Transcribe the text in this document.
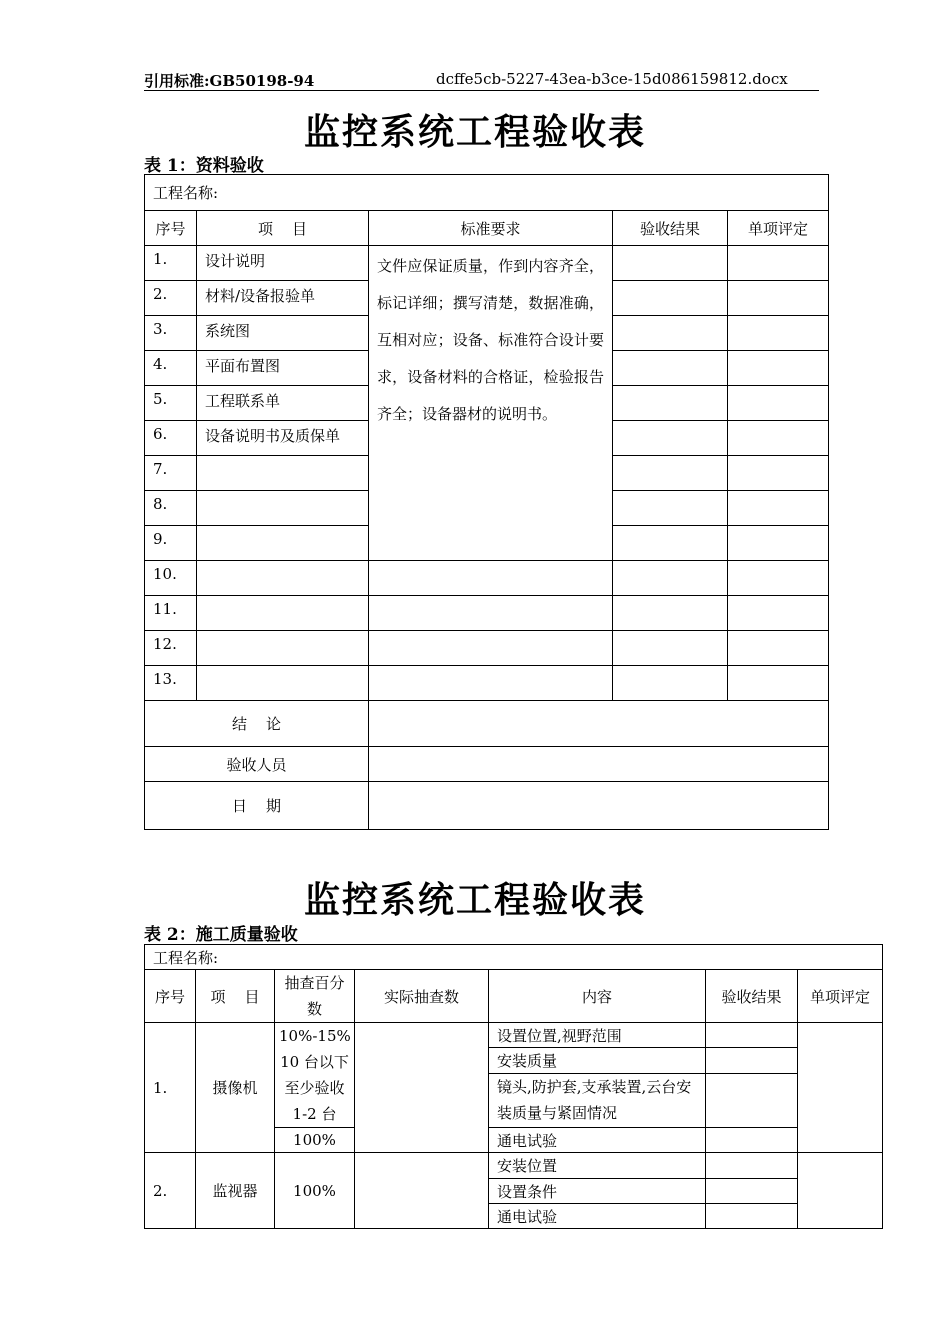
引用标准:GB50198-94	dcffe5cb-5227-43ea-b3ce-15d086159812.docx
监控系统工程验收表
表 1：资料验收
工程名称:				
序号	项    目	标准要求	验收结果	单项评定
1.	设计说明	文件应保证质量，作到内容齐全，标记详细；撰写清楚，数据准确，互相对应；设备、标准符合设计要求，设备材料的合格证，检验报告齐全；设备器材的说明书。		
2.	材料/设备报验单			
3.	系统图			
4.	平面布置图			
5.	工程联系单			
6.	设备说明书及质保单			
7.				
8.				
9.				
10.				
11.				
12.				
13.				
结    论				
验收人员				
日    期				
监控系统工程验收表
表 2：施工质量验收
工程名称:						
序号	项    目	抽查百分数	实际抽查数	内容	验收结果	单项评定
1.	摄像机	10%-15% 10 台以下 至少验收 1-2 台		设置位置,视野范围		
				安装质量		
				镜头,防护套,支承装置,云台安装质量与紧固情况		
		100%		通电试验		
2.	监视器	100%		安装位置		
				设置条件		
				通电试验		
